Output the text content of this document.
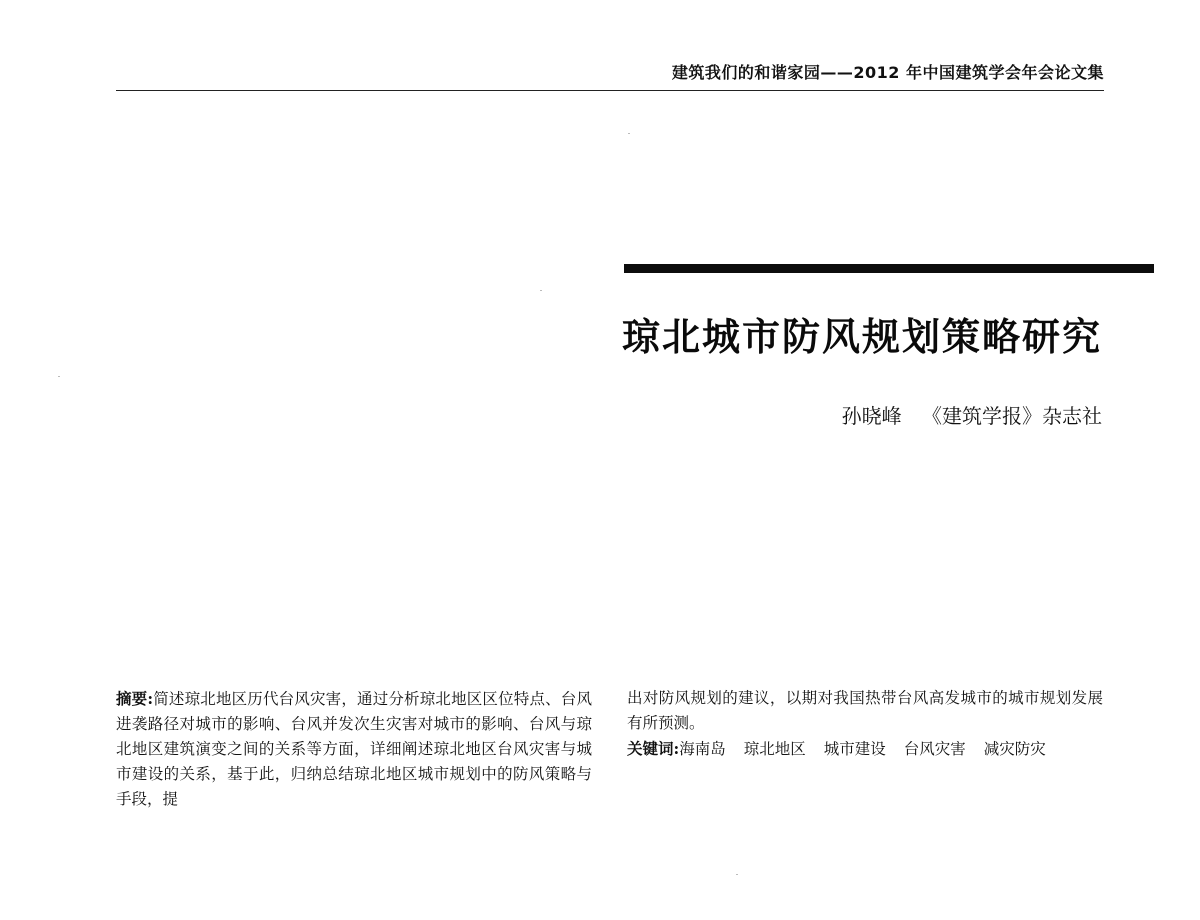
建筑我们的和谐家园——2012 年中国建筑学会年会论文集
琼北城市防风规划策略研究
孙晓峰 《建筑学报》杂志社

摘要:简述琼北地区历代台风灾害，通过分析琼北地区区位特点、台风进袭路径对城市的影响、台风并发次生灾害对城市的影响、台风与琼北地区建筑演变之间的关系等方面，详细阐述琼北地区台风灾害与城市建设的关系，基于此，归纳总结琼北地区城市规划中的防风策略与手段，提

出对防风规划的建议，以期对我国热带台风高发城市的城市规划发展有所预测。

关键词:海南岛 琼北地区 城市建设 台风灾害 减灾防灾
